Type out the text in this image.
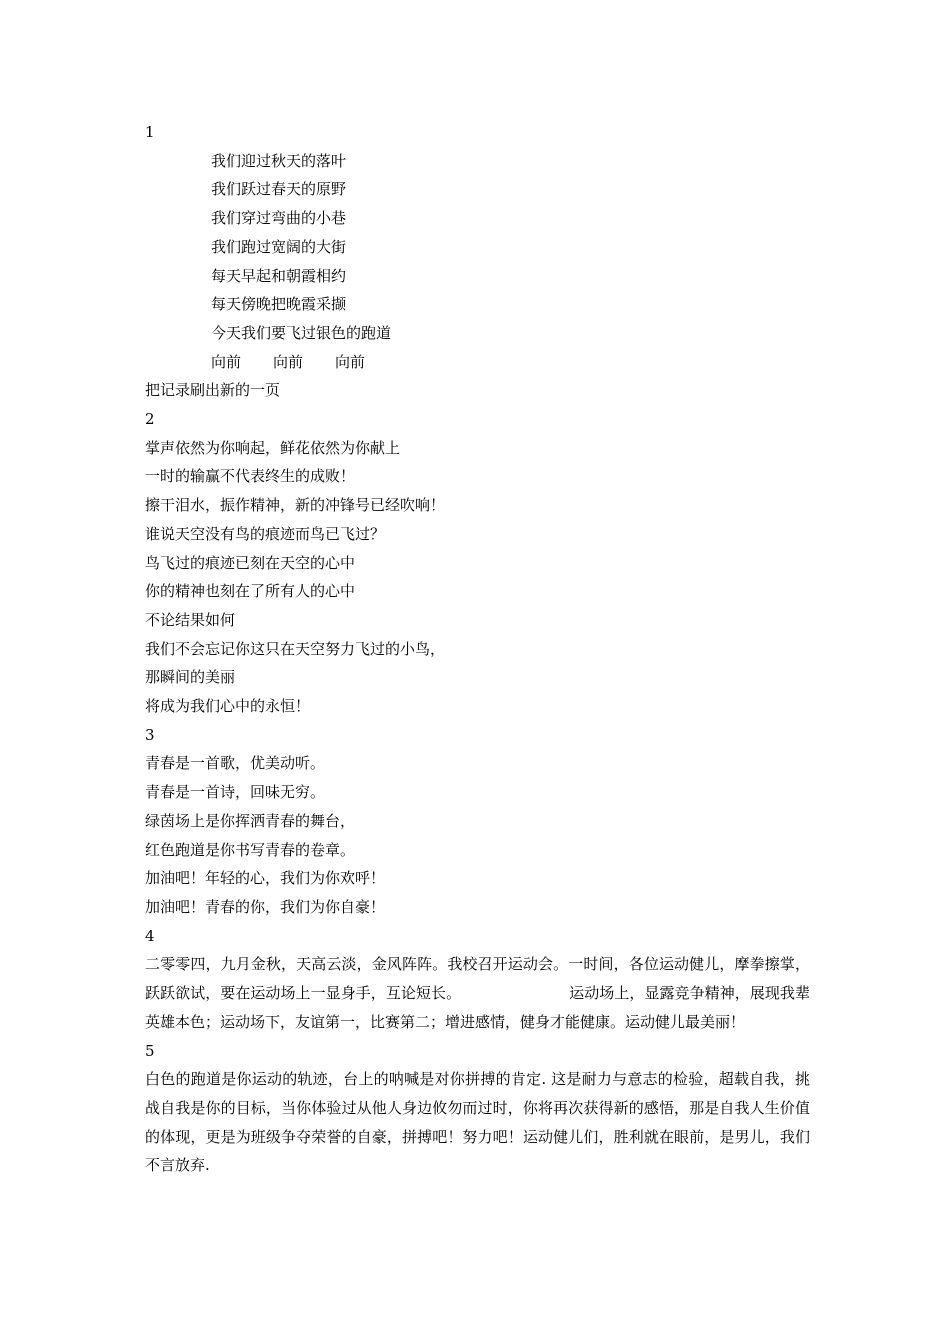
1
我们迎过秋天的落叶
我们跃过春天的原野
我们穿过弯曲的小巷
我们跑过宽阔的大街
每天早起和朝霞相约
每天傍晚把晚霞采撷
今天我们要飞过银色的跑道
向前 向前 向前
把记录刷出新的一页
2
掌声依然为你响起，鲜花依然为你献上
一时的输赢不代表终生的成败！
擦干泪水，振作精神，新的冲锋号已经吹响！
谁说天空没有鸟的痕迹而鸟已飞过？
鸟飞过的痕迹已刻在天空的心中
你的精神也刻在了所有人的心中
不论结果如何
我们不会忘记你这只在天空努力飞过的小鸟，
那瞬间的美丽
将成为我们心中的永恒！
3
青春是一首歌，优美动听。
青春是一首诗，回味无穷。
绿茵场上是你挥洒青春的舞台，
红色跑道是你书写青春的卷章。
加油吧！年轻的心，我们为你欢呼！
加油吧！青春的你，我们为你自豪！
4
二零零四，九月金秋，天高云淡，金风阵阵。我校召开运动会。一时间，各位运动健儿，摩拳擦掌，跃跃欲试，要在运动场上一显身手，互论短长。	运动场上，显露竞争精神，展现我辈英雄本色；运动场下，友谊第一，比赛第二；增进感情，健身才能健康。运动健儿最美丽！
5
白色的跑道是你运动的轨迹，台上的呐喊是对你拼搏的肯定. 这是耐力与意志的检验，超载自我，挑战自我是你的目标，当你体验过从他人身边攸勿而过时，你将再次获得新的感悟，那是自我人生价值的体现，更是为班级争夺荣誉的自豪，拼搏吧！努力吧！运动健儿们，胜利就在眼前，是男儿，我们不言放弃.
